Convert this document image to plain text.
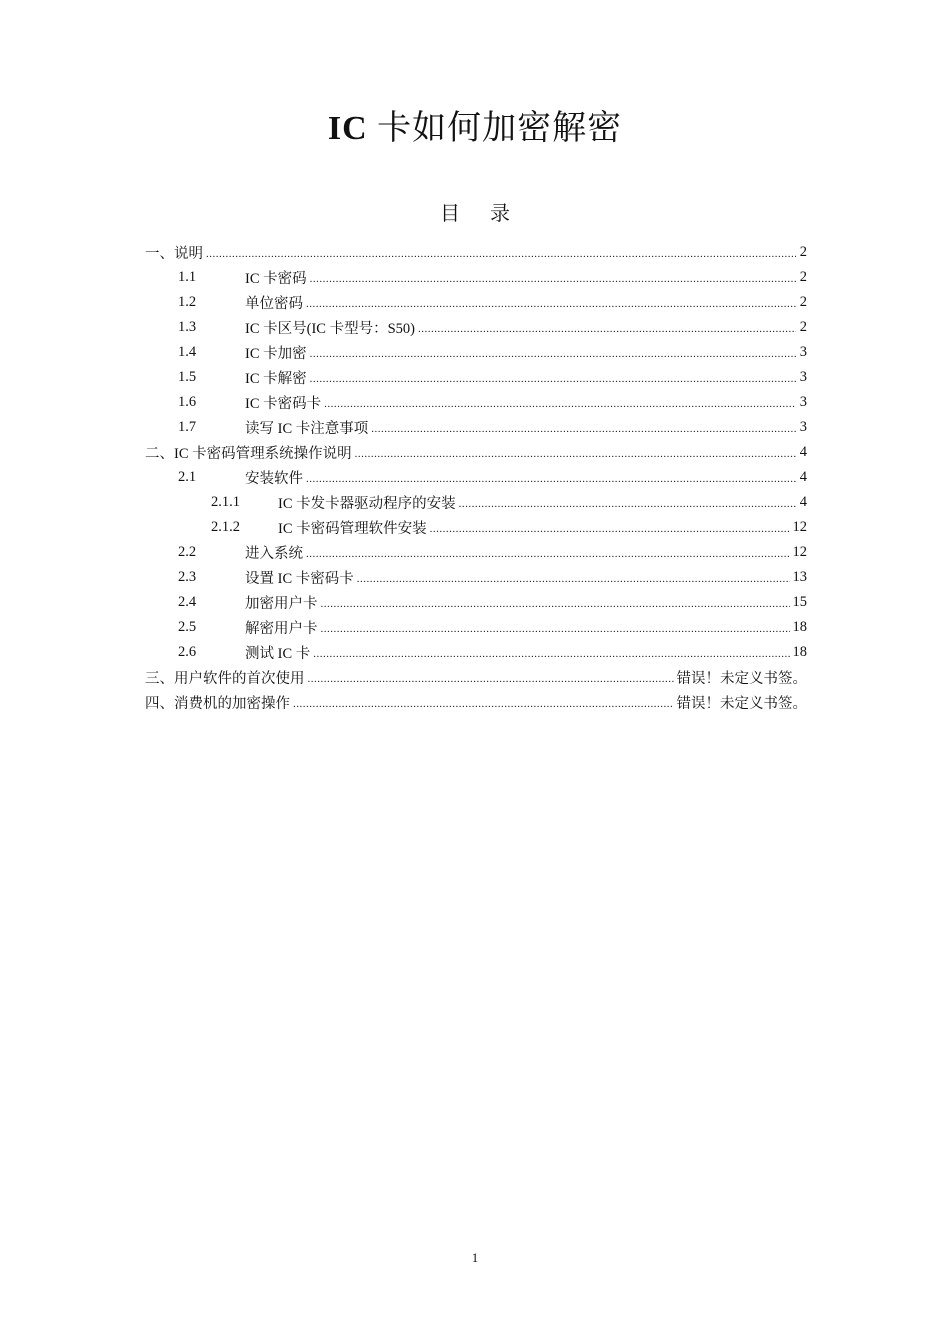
IC 卡如何加密解密
目录
一、说明 .....	2
1.1	IC 卡密码 .....	2
1.2	单位密码 .....	2
1.3	IC 卡区号(IC 卡型号：S50) .....	2
1.4	IC 卡加密 .....	3
1.5	IC 卡解密 .....	3
1.6	IC 卡密码卡 .....	3
1.7	读写 IC 卡注意事项 .....	3
二、IC 卡密码管理系统操作说明 .....	4
2.1	安装软件 .....	4
2.1.1	IC 卡发卡器驱动程序的安装 .....	4
2.1.2	IC 卡密码管理软件安装 .....	12
2.2	进入系统 .....	12
2.3	设置 IC 卡密码卡 .....	13
2.4	加密用户卡 .....	15
2.5	解密用户卡 .....	18
2.6	测试 IC 卡 .....	18
三、用户软件的首次使用 .....	错误！未定义书签。
四、消费机的加密操作 .....	错误！未定义书签。
1
